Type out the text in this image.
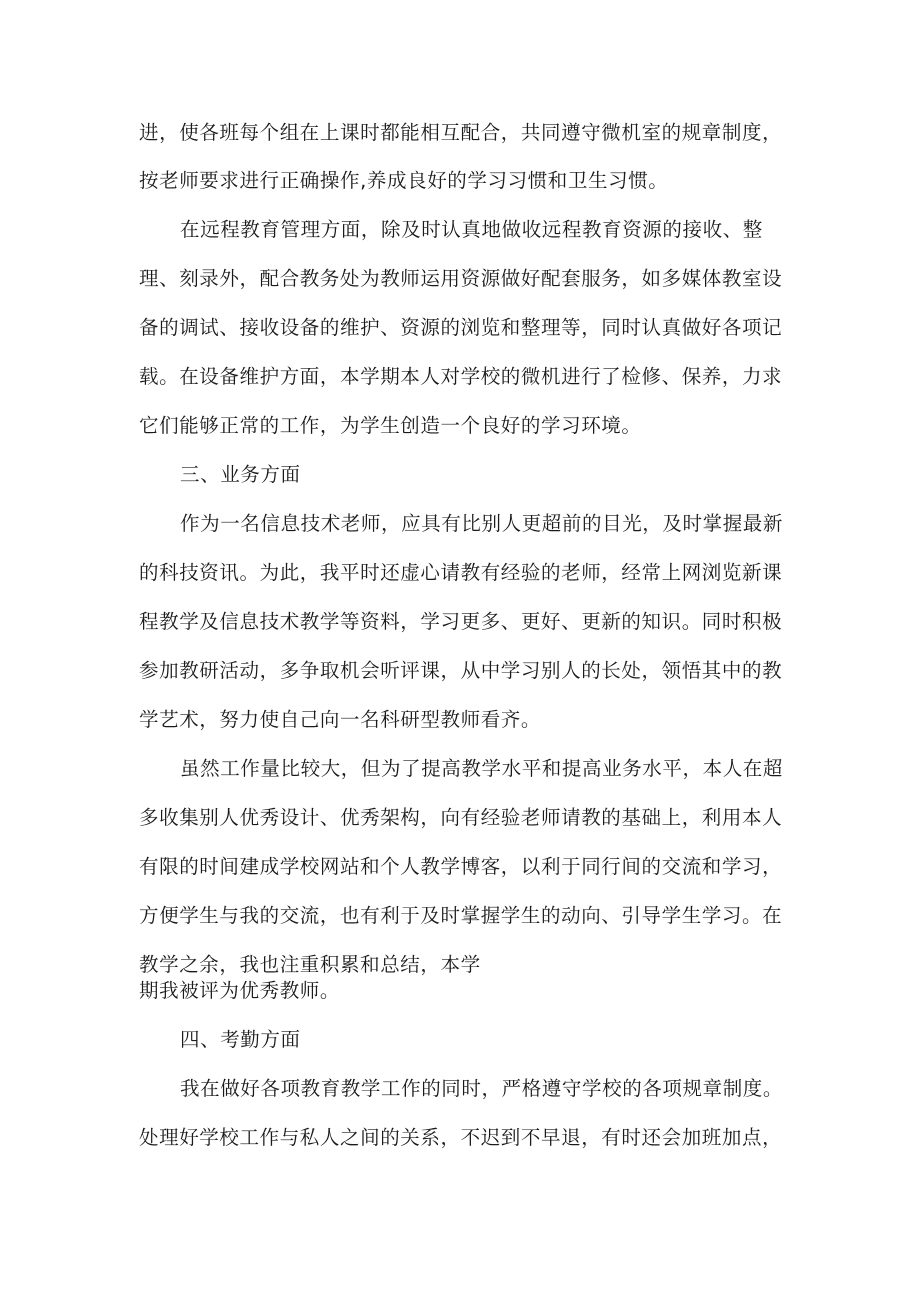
进，使各班每个组在上课时都能相互配合，共同遵守微机室的规章制度，
按老师要求进行正确操作,养成良好的学习习惯和卫生习惯。
在远程教育管理方面，除及时认真地做收远程教育资源的接收、整
理、刻录外，配合教务处为教师运用资源做好配套服务，如多媒体教室设
备的调试、接收设备的维护、资源的浏览和整理等，同时认真做好各项记
载。在设备维护方面，本学期本人对学校的微机进行了检修、保养，力求
它们能够正常的工作，为学生创造一个良好的学习环境。
三、业务方面
作为一名信息技术老师，应具有比别人更超前的目光，及时掌握最新
的科技资讯。为此，我平时还虚心请教有经验的老师，经常上网浏览新课
程教学及信息技术教学等资料，学习更多、更好、更新的知识。同时积极
参加教研活动，多争取机会听评课，从中学习别人的长处，领悟其中的教
学艺术，努力使自己向一名科研型教师看齐。
虽然工作量比较大，但为了提高教学水平和提高业务水平，本人在超
多收集别人优秀设计、优秀架构，向有经验老师请教的基础上，利用本人
有限的时间建成学校网站和个人教学博客，以利于同行间的交流和学习，
方便学生与我的交流，也有利于及时掌握学生的动向、引导学生学习。在
教学之余，我也注重积累和总结，本学
期我被评为优秀教师。
四、考勤方面
我在做好各项教育教学工作的同时，严格遵守学校的各项规章制度。
处理好学校工作与私人之间的关系，不迟到不早退，有时还会加班加点，
